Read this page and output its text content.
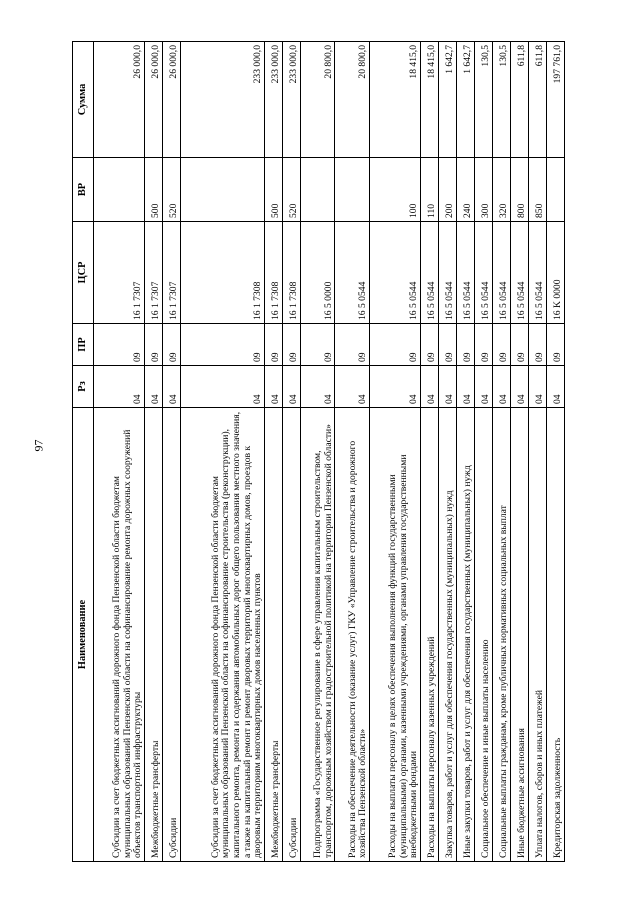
97
Наименование	Рз	ПР	ЦСР	ВР	Сумма
Субсидии за счет бюджетных ассигнований дорожного фонда Пензенской области бюджетам муниципальных образований Пензенской области на софинансирование ремонта дорожных сооружений объектов транспортной инфраструктуры	04	09	16 1 7307		26 000,0
Межбюджетные трансферты	04	09	16 1 7307	500	26 000,0
Субсидии	04	09	16 1 7307	520	26 000,0
Субсидии за счет бюджетных ассигнований дорожного фонда Пензенской области бюджетам муниципальных образований Пензенской области на софинансирование строительства (реконструкции), капитального ремонта, ремонта и содержания автомобильных дорог общего пользования местного значения, а также на капитальный ремонт и ремонт дворовых территорий многоквартирных домов, проездов к дворовым территориям многоквартирных домов населенных пунктов	04	09	16 1 7308		233 000,0
Межбюджетные трансферты	04	09	16 1 7308	500	233 000,0
Субсидии	04	09	16 1 7308	520	233 000,0
Подпрограмма «Государственное регулирование в сфере управления капитальным строительством, транспортом, дорожным хозяйством и градостроительной политикой на территории Пензенской области»	04	09	16 5 0000		20 800,0
Расходы на обеспечение деятельности (оказание услуг) ГКУ «Управление строительства и дорожного хозяйства Пензенской области»	04	09	16 5 0544		20 800,0
Расходы на выплаты персоналу в целях обеспечения выполнения функций государственными (муниципальными) органами, казенными учреждениями, органами управления государственными внебюджетными фондами	04	09	16 5 0544	100	18 415,0
Расходы на выплаты персоналу казенных учреждений	04	09	16 5 0544	110	18 415,0
Закупка товаров, работ и услуг для обеспечения государственных (муниципальных) нужд	04	09	16 5 0544	200	1 642,7
Иные закупки товаров, работ и услуг для обеспечения государственных (муниципальных) нужд	04	09	16 5 0544	240	1 642,7
Социальное обеспечение и иные выплаты населению	04	09	16 5 0544	300	130,5
Социальные выплаты гражданам, кроме публичных нормативных социальных выплат	04	09	16 5 0544	320	130,5
Иные бюджетные ассигнования	04	09	16 5 0544	800	611,8
Уплата налогов, сборов и иных платежей	04	09	16 5 0544	850	611,8
Кредиторская задолженность	04	09	16 K 0000		197 761,0
